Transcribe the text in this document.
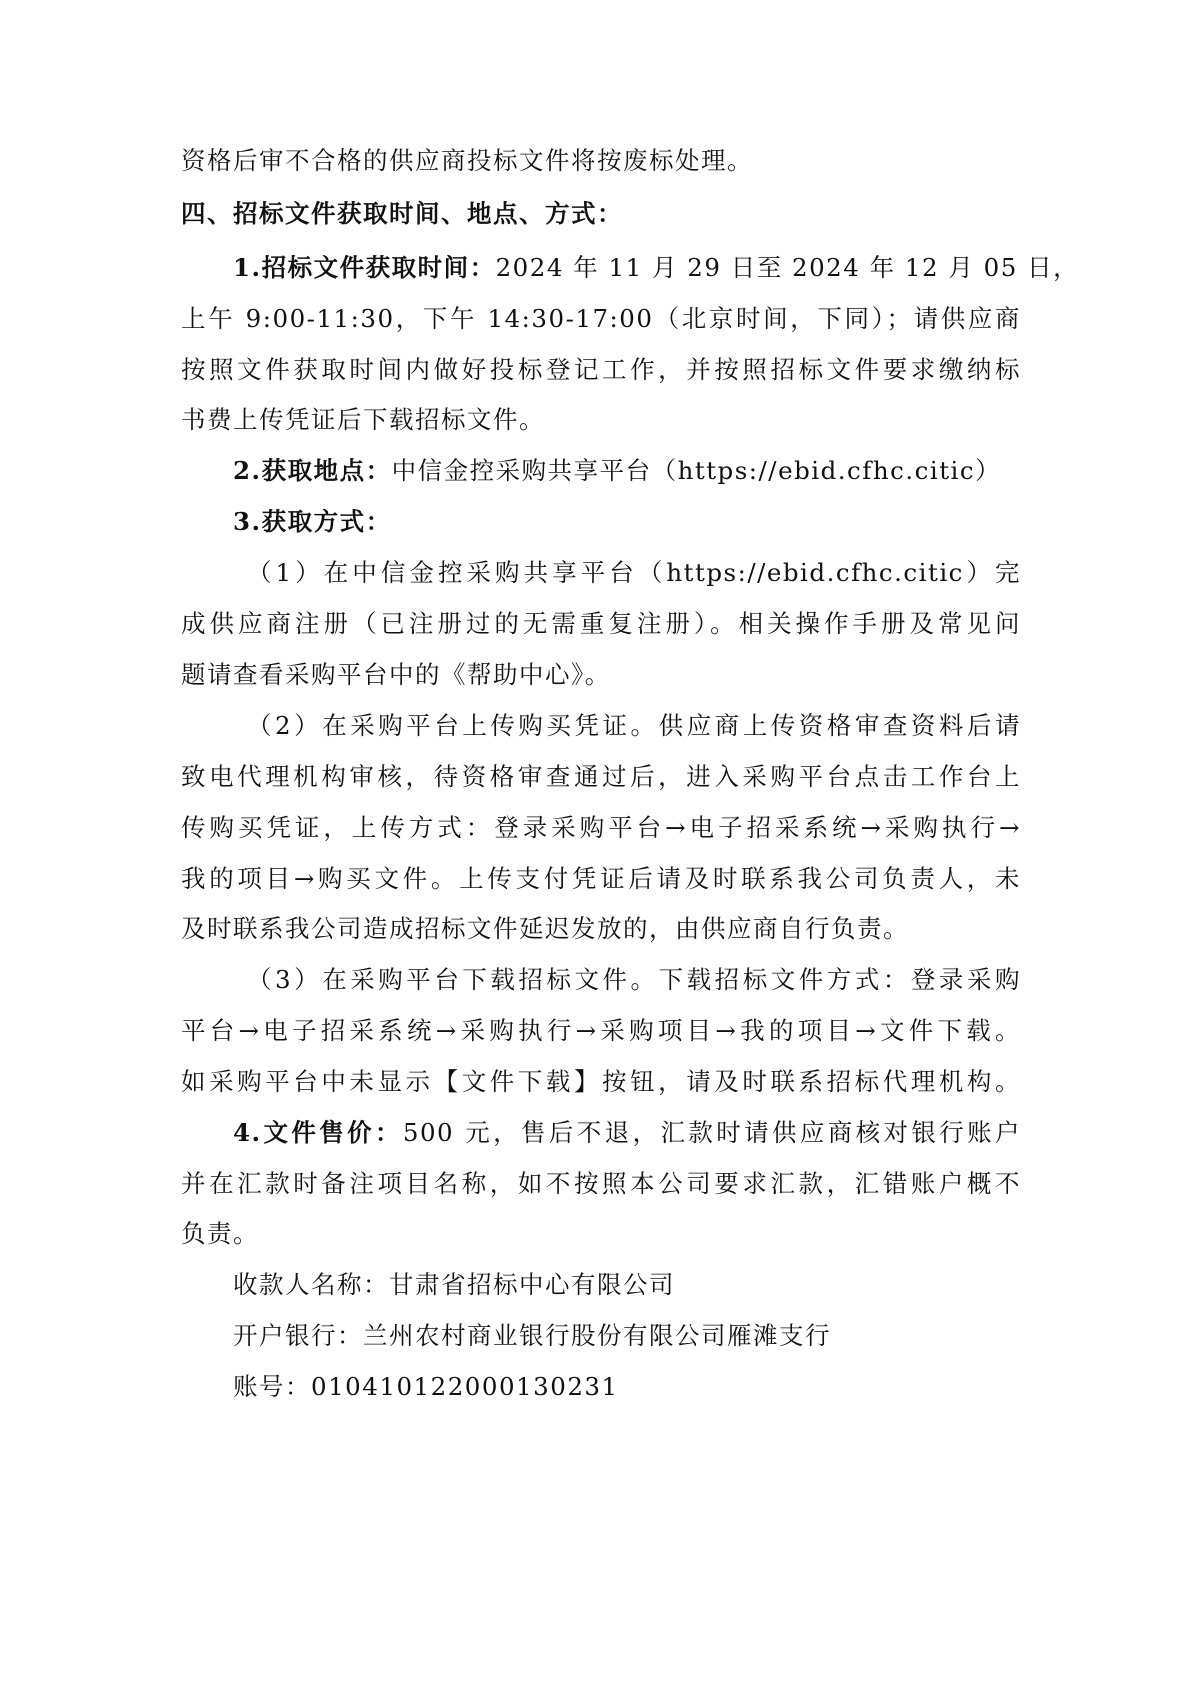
资格后审不合格的供应商投标文件将按废标处理。
四、招标文件获取时间、地点、方式：
1.招标文件获取时间：2024 年 11 月 29 日至 2024 年 12 月 05 日，
上午 9:00-11:30，下午 14:30-17:00（北京时间，下同）；请供应商
按照文件获取时间内做好投标登记工作，并按照招标文件要求缴纳标
书费上传凭证后下载招标文件。
2.获取地点：中信金控采购共享平台（https://ebid.cfhc.citic）
3.获取方式：
（1）在中信金控采购共享平台（https://ebid.cfhc.citic）完
成供应商注册（已注册过的无需重复注册）。相关操作手册及常见问
题请查看采购平台中的《帮助中心》。
（2）在采购平台上传购买凭证。供应商上传资格审查资料后请
致电代理机构审核，待资格审查通过后，进入采购平台点击工作台上
传购买凭证，上传方式：登录采购平台→电子招采系统→采购执行→
我的项目→购买文件。上传支付凭证后请及时联系我公司负责人，未
及时联系我公司造成招标文件延迟发放的，由供应商自行负责。
（3）在采购平台下载招标文件。下载招标文件方式：登录采购
平台→电子招采系统→采购执行→采购项目→我的项目→文件下载。
如采购平台中未显示【文件下载】按钮，请及时联系招标代理机构。
4.文件售价：500 元，售后不退，汇款时请供应商核对银行账户
并在汇款时备注项目名称，如不按照本公司要求汇款，汇错账户概不
负责。
收款人名称：甘肃省招标中心有限公司
开户银行：兰州农村商业银行股份有限公司雁滩支行
账号：010410122000130231
